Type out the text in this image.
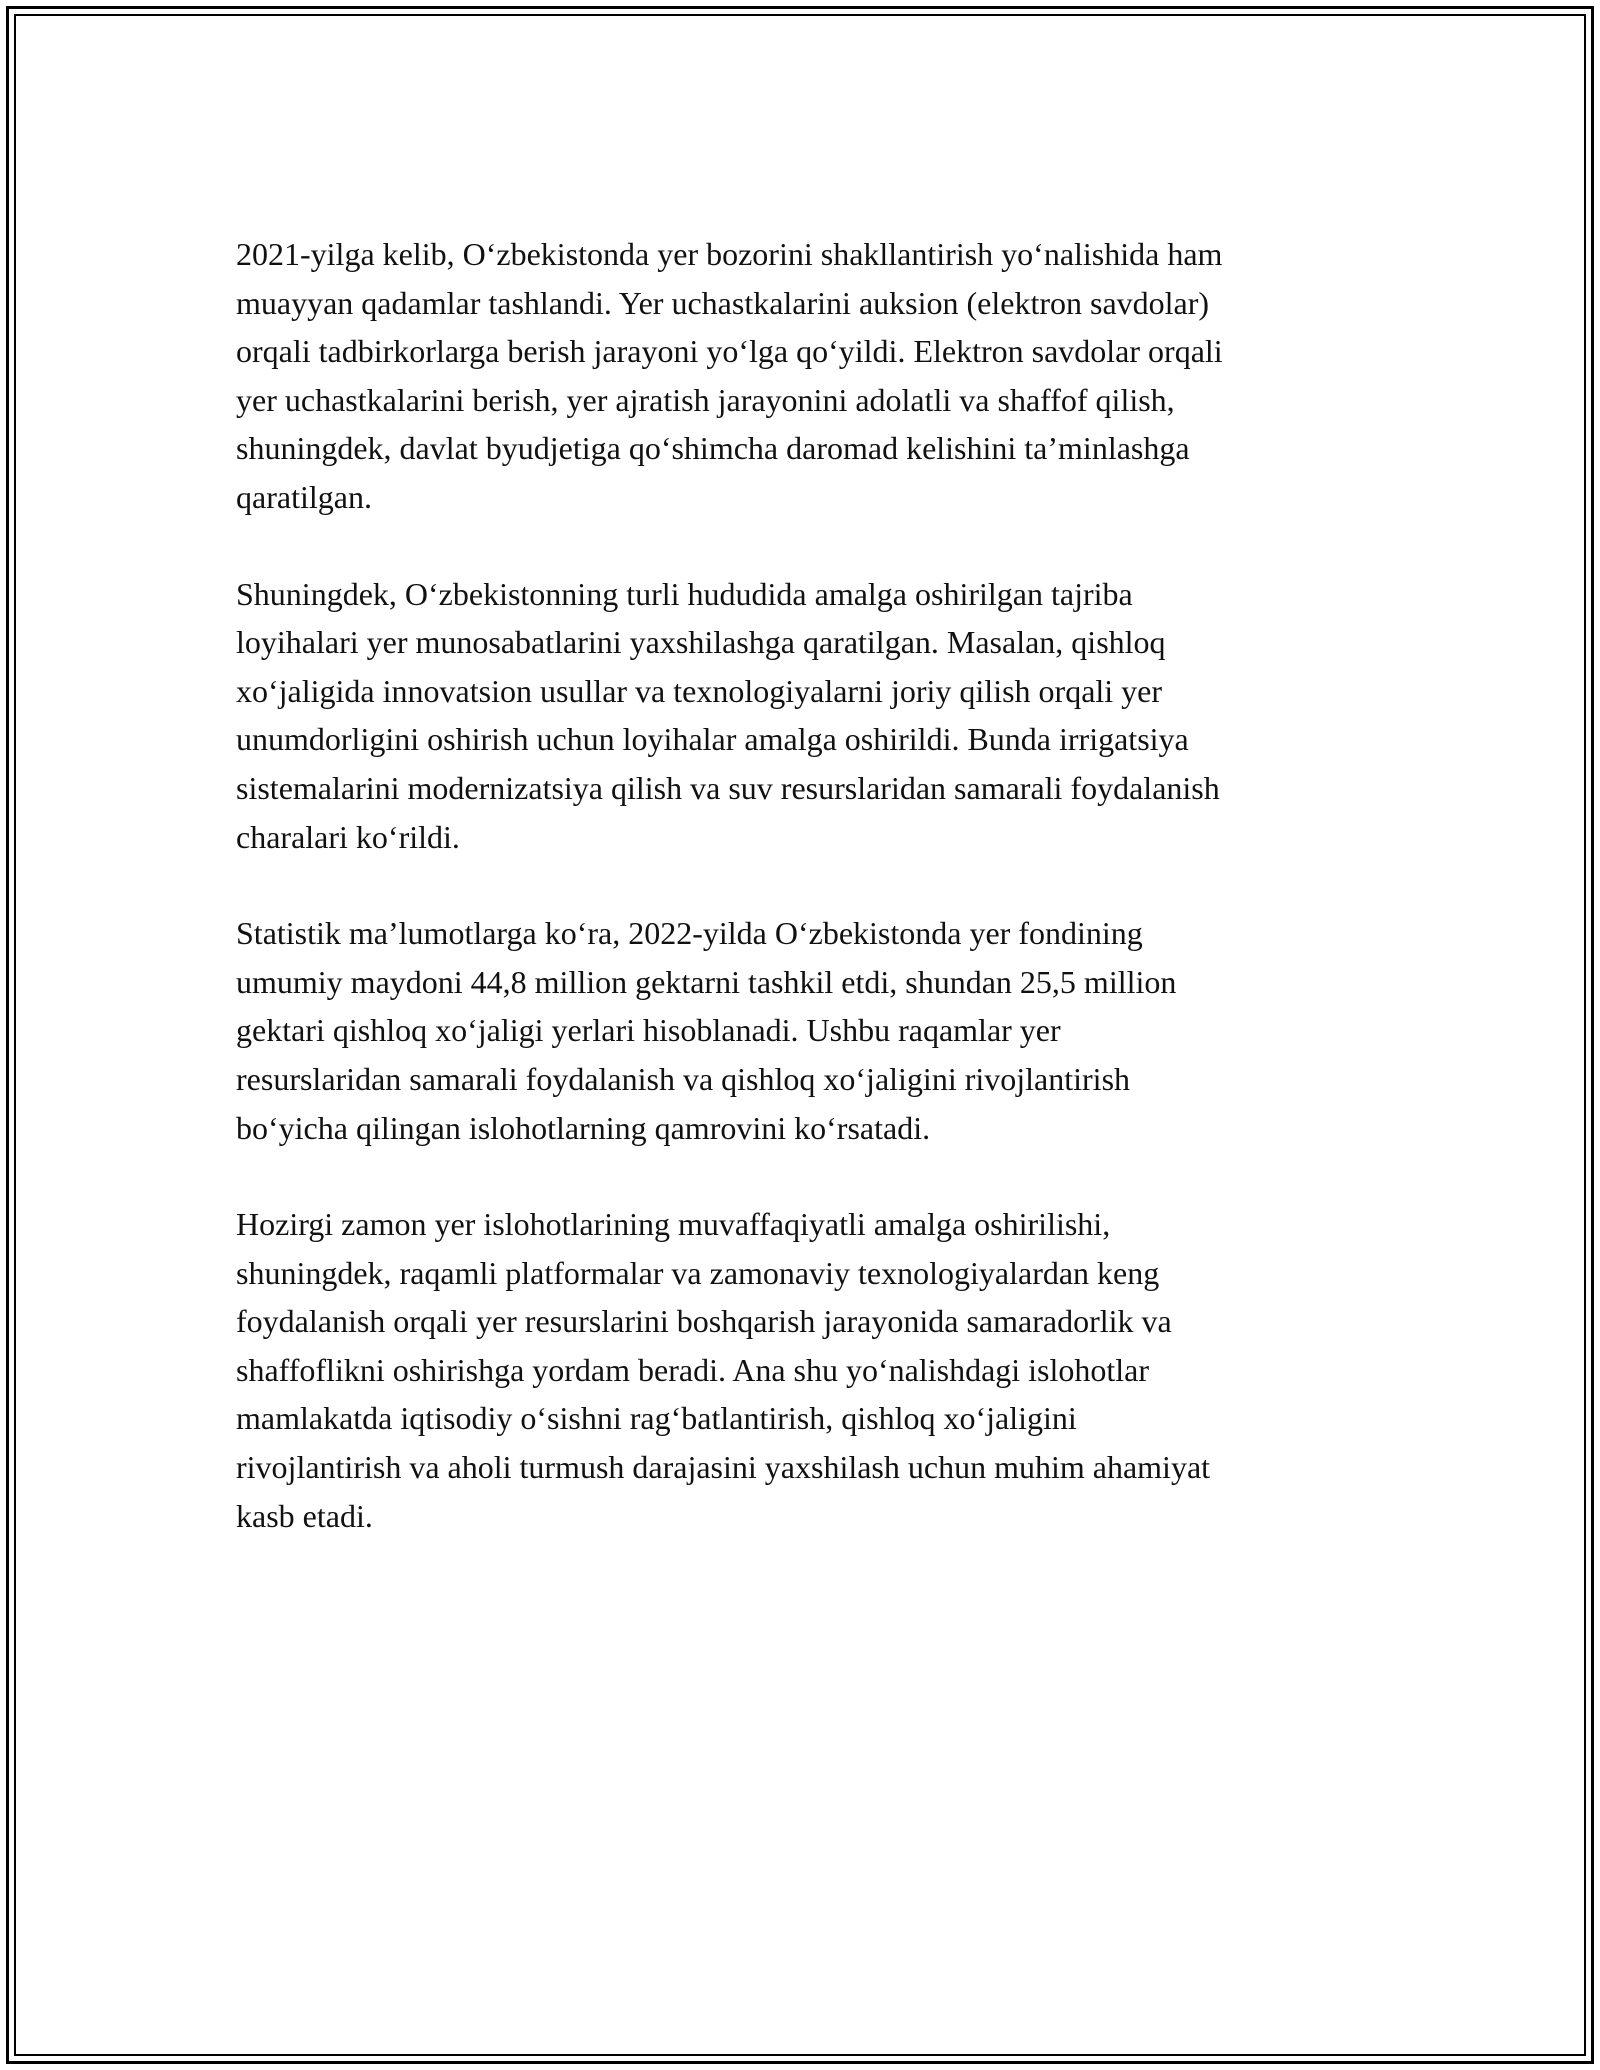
2021-yilga kelib, O‘zbekistonda yer bozorini shakllantirish yo‘nalishida ham
muayyan qadamlar tashlandi. Yer uchastkalarini auksion (elektron savdolar)
orqali tadbirkorlarga berish jarayoni yo‘lga qo‘yildi. Elektron savdolar orqali
yer uchastkalarini berish, yer ajratish jarayonini adolatli va shaffof qilish,
shuningdek, davlat byudjetiga qo‘shimcha daromad kelishini ta’minlashga
qaratilgan.

Shuningdek, O‘zbekistonning turli hududida amalga oshirilgan tajriba
loyihalari yer munosabatlarini yaxshilashga qaratilgan. Masalan, qishloq
xo‘jaligida innovatsion usullar va texnologiyalarni joriy qilish orqali yer
unumdorligini oshirish uchun loyihalar amalga oshirildi. Bunda irrigatsiya
sistemalarini modernizatsiya qilish va suv resurslaridan samarali foydalanish
charalari ko‘rildi.

Statistik ma’lumotlarga ko‘ra, 2022-yilda O‘zbekistonda yer fondining
umumiy maydoni 44,8 million gektarni tashkil etdi, shundan 25,5 million
gektari qishloq xo‘jaligi yerlari hisoblanadi. Ushbu raqamlar yer
resurslaridan samarali foydalanish va qishloq xo‘jaligini rivojlantirish
bo‘yicha qilingan islohotlarning qamrovini ko‘rsatadi.

Hozirgi zamon yer islohotlarining muvaffaqiyatli amalga oshirilishi,
shuningdek, raqamli platformalar va zamonaviy texnologiyalardan keng
foydalanish orqali yer resurslarini boshqarish jarayonida samaradorlik va
shaffoflikni oshirishga yordam beradi. Ana shu yo‘nalishdagi islohotlar
mamlakatda iqtisodiy o‘sishni rag‘batlantirish, qishloq xo‘jaligini
rivojlantirish va aholi turmush darajasini yaxshilash uchun muhim ahamiyat
kasb etadi.
